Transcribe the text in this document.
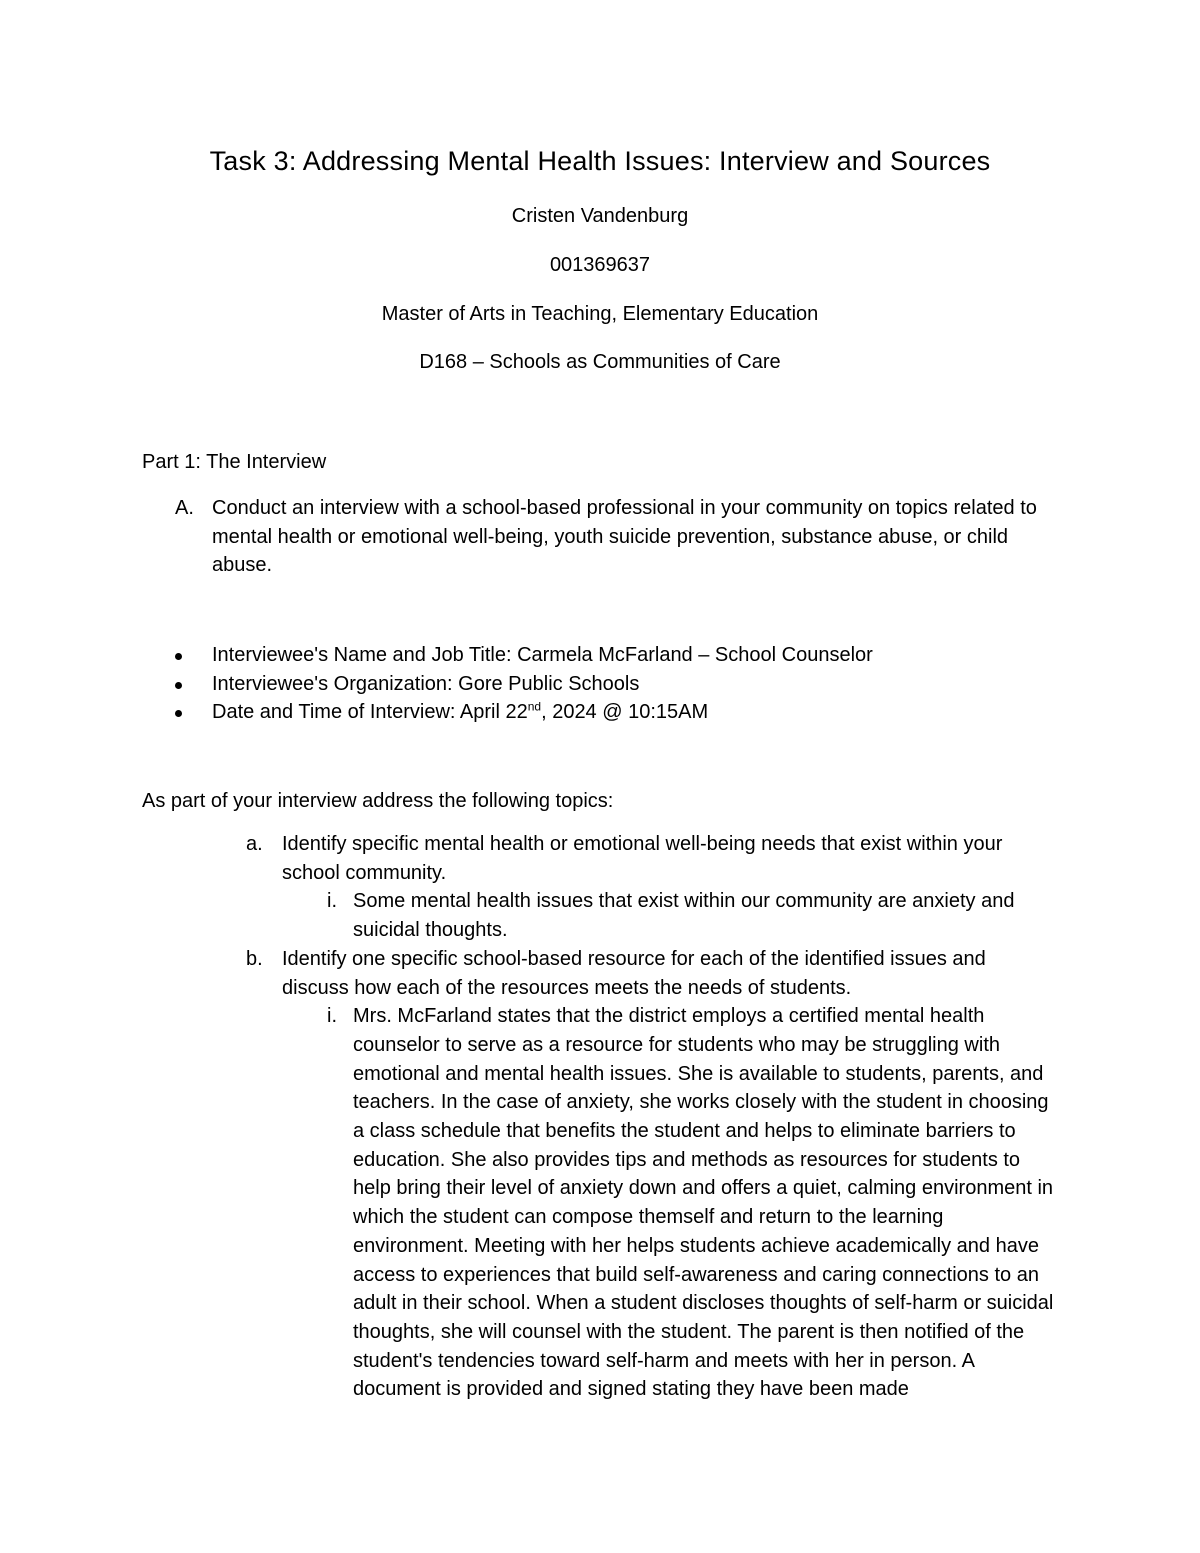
Task 3: Addressing Mental Health Issues: Interview and Sources
Cristen Vandenburg
001369637
Master of Arts in Teaching, Elementary Education
D168 – Schools as Communities of Care
Part 1: The Interview
A. Conduct an interview with a school-based professional in your community on topics related to mental health or emotional well-being, youth suicide prevention, substance abuse, or child abuse.
Interviewee's Name and Job Title: Carmela McFarland – School Counselor
Interviewee's Organization: Gore Public Schools
Date and Time of Interview: April 22nd, 2024 @ 10:15AM
As part of your interview address the following topics:
a. Identify specific mental health or emotional well-being needs that exist within your school community.
i. Some mental health issues that exist within our community are anxiety and suicidal thoughts.
b. Identify one specific school-based resource for each of the identified issues and discuss how each of the resources meets the needs of students.
i. Mrs. McFarland states that the district employs a certified mental health counselor to serve as a resource for students who may be struggling with emotional and mental health issues. She is available to students, parents, and teachers. In the case of anxiety, she works closely with the student in choosing a class schedule that benefits the student and helps to eliminate barriers to education. She also provides tips and methods as resources for students to help bring their level of anxiety down and offers a quiet, calming environment in which the student can compose themself and return to the learning environment. Meeting with her helps students achieve academically and have access to experiences that build self-awareness and caring connections to an adult in their school. When a student discloses thoughts of self-harm or suicidal thoughts, she will counsel with the student. The parent is then notified of the student's tendencies toward self-harm and meets with her in person. A document is provided and signed stating they have been made
